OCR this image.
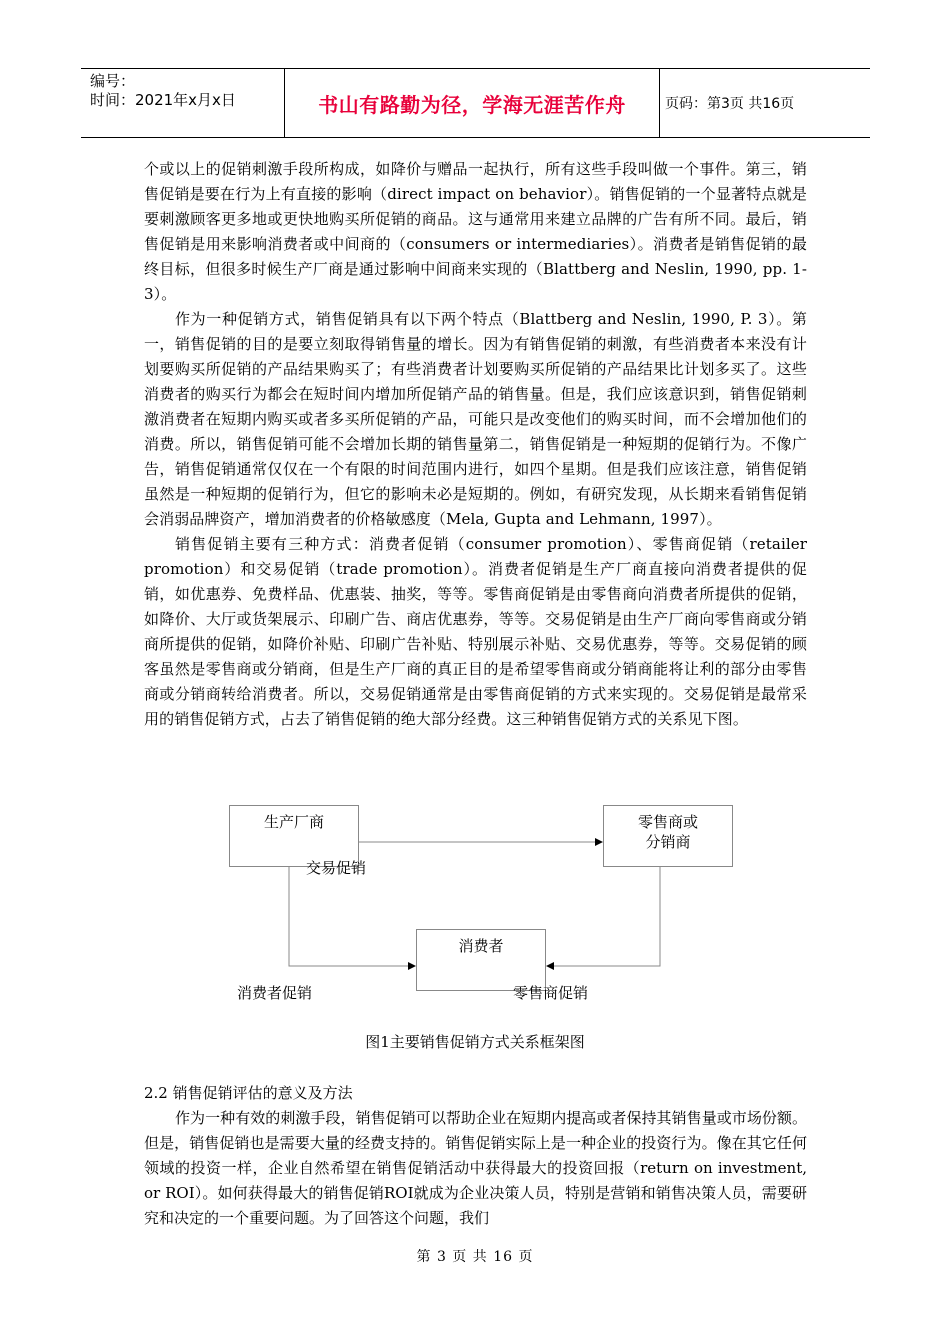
编号：
时间：2021年x月x日	书山有路勤为径，学海无涯苦作舟	页码：第3页 共16页

个或以上的促销刺激手段所构成，如降价与赠品一起执行，所有这些手段叫做一个事件。第三，销售促销是要在行为上有直接的影响（direct impact on behavior）。销售促销的一个显著特点就是要刺激顾客更多地或更快地购买所促销的商品。这与通常用来建立品牌的广告有所不同。最后，销售促销是用来影响消费者或中间商的（consumers or intermediaries）。消费者是销售促销的最终目标，但很多时候生产厂商是通过影响中间商来实现的（Blattberg and Neslin, 1990, pp. 1-3）。

作为一种促销方式，销售促销具有以下两个特点（Blattberg and Neslin, 1990, P. 3）。第一，销售促销的目的是要立刻取得销售量的增长。因为有销售促销的刺激，有些消费者本来没有计划要购买所促销的产品结果购买了；有些消费者计划要购买所促销的产品结果比计划多买了。这些消费者的购买行为都会在短时间内增加所促销产品的销售量。但是，我们应该意识到，销售促销刺激消费者在短期内购买或者多买所促销的产品，可能只是改变他们的购买时间，而不会增加他们的消费。所以，销售促销可能不会增加长期的销售量第二，销售促销是一种短期的促销行为。不像广告，销售促销通常仅仅在一个有限的时间范围内进行，如四个星期。但是我们应该注意，销售促销虽然是一种短期的促销行为，但它的影响未必是短期的。例如，有研究发现，从长期来看销售促销会消弱品牌资产，增加消费者的价格敏感度（Mela, Gupta and Lehmann, 1997）。

销售促销主要有三种方式：消费者促销（consumer promotion）、零售商促销（retailer promotion）和交易促销（trade promotion）。消费者促销是生产厂商直接向消费者提供的促销，如优惠券、免费样品、优惠装、抽奖，等等。零售商促销是由零售商向消费者所提供的促销，如降价、大厅或货架展示、印刷广告、商店优惠券，等等。交易促销是由生产厂商向零售商或分销商所提供的促销，如降价补贴、印刷广告补贴、特别展示补贴、交易优惠券，等等。交易促销的顾客虽然是零售商或分销商，但是生产厂商的真正目的是希望零售商或分销商能将让利的部分由零售商或分销商转给消费者。所以，交易促销通常是由零售商促销的方式来实现的。交易促销是最常采用的销售促销方式，占去了销售促销的绝大部分经费。这三种销售促销方式的关系见下图。

生产厂商	零售商或
分销商
消费者
交易促销
消费者促销	零售商促销
图1主要销售促销方式关系框架图
2.2 销售促销评估的意义及方法

作为一种有效的刺激手段，销售促销可以帮助企业在短期内提高或者保持其销售量或市场份额。但是，销售促销也是需要大量的经费支持的。销售促销实际上是一种企业的投资行为。像在其它任何领域的投资一样，企业自然希望在销售促销活动中获得最大的投资回报（return on investment, or ROI）。如何获得最大的销售促销ROI就成为企业决策人员，特别是营销和销售决策人员，需要研究和决定的一个重要问题。为了回答这个问题，我们

第 3 页 共 16 页
